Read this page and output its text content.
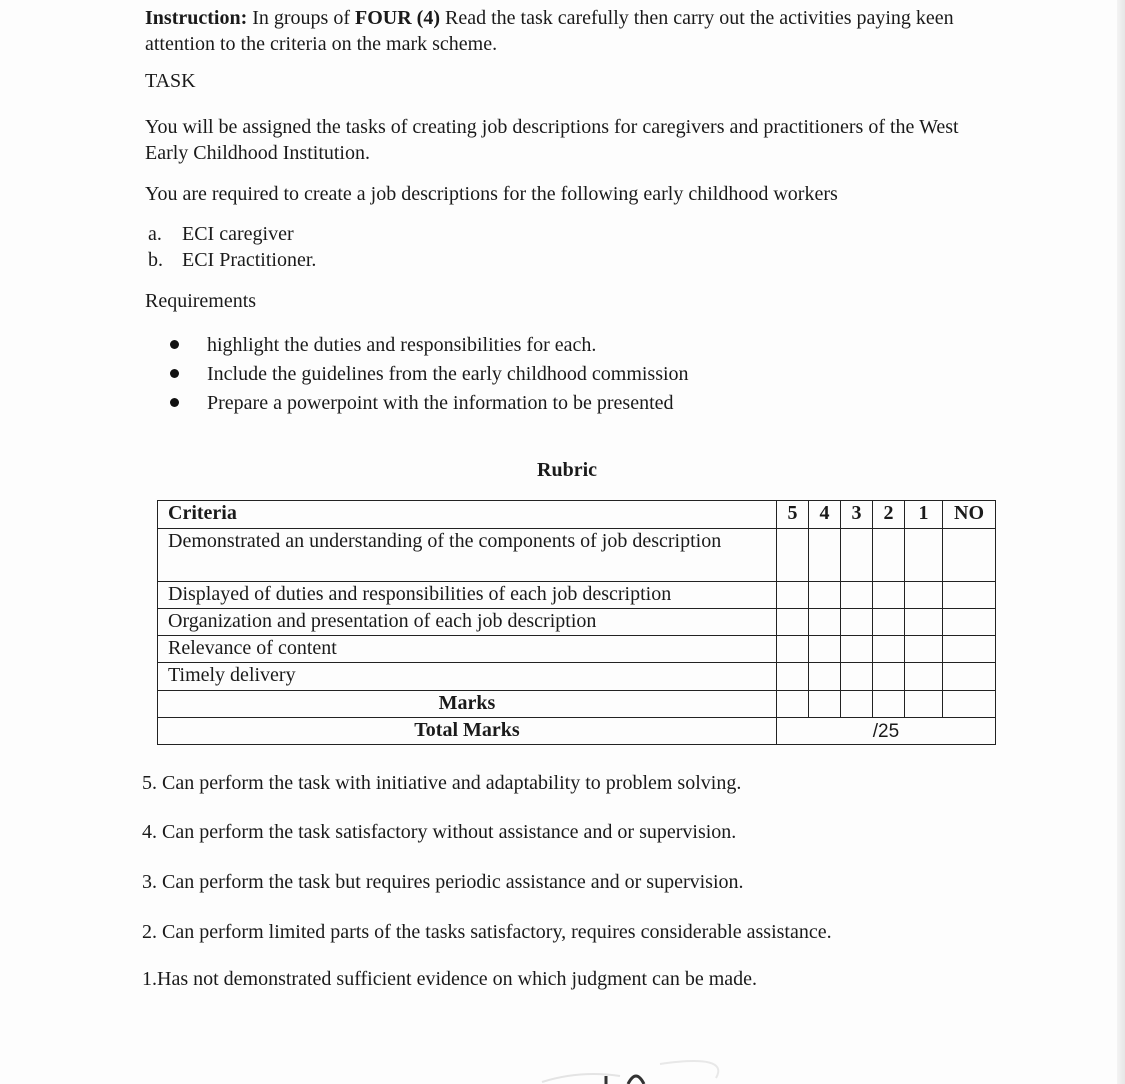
Instruction: In groups of FOUR (4) Read the task carefully then carry out the activities paying keen attention to the criteria on the mark scheme.
TASK
You will be assigned the tasks of creating job descriptions for caregivers and practitioners of the West Early Childhood Institution.
You are required to create a job descriptions for the following early childhood workers
a. ECI caregiver
b. ECI Practitioner.
Requirements
highlight the duties and responsibilities for each.
Include the guidelines from the early childhood commission
Prepare a powerpoint with the information to be presented
Rubric
Criteria	5	4	3	2	1	NO
Demonstrated an understanding of the components of job description						
Displayed of duties and responsibilities of each job description						
Organization and presentation of each job description						
Relevance of content						
Timely delivery						
Marks						
Total Marks	/25					
5. Can perform the task with initiative and adaptability to problem solving.
4. Can perform the task satisfactory without assistance and or supervision.
3. Can perform the task but requires periodic assistance and or supervision.
2. Can perform limited parts of the tasks satisfactory, requires considerable assistance.
1.Has not demonstrated sufficient evidence on which judgment can be made.
